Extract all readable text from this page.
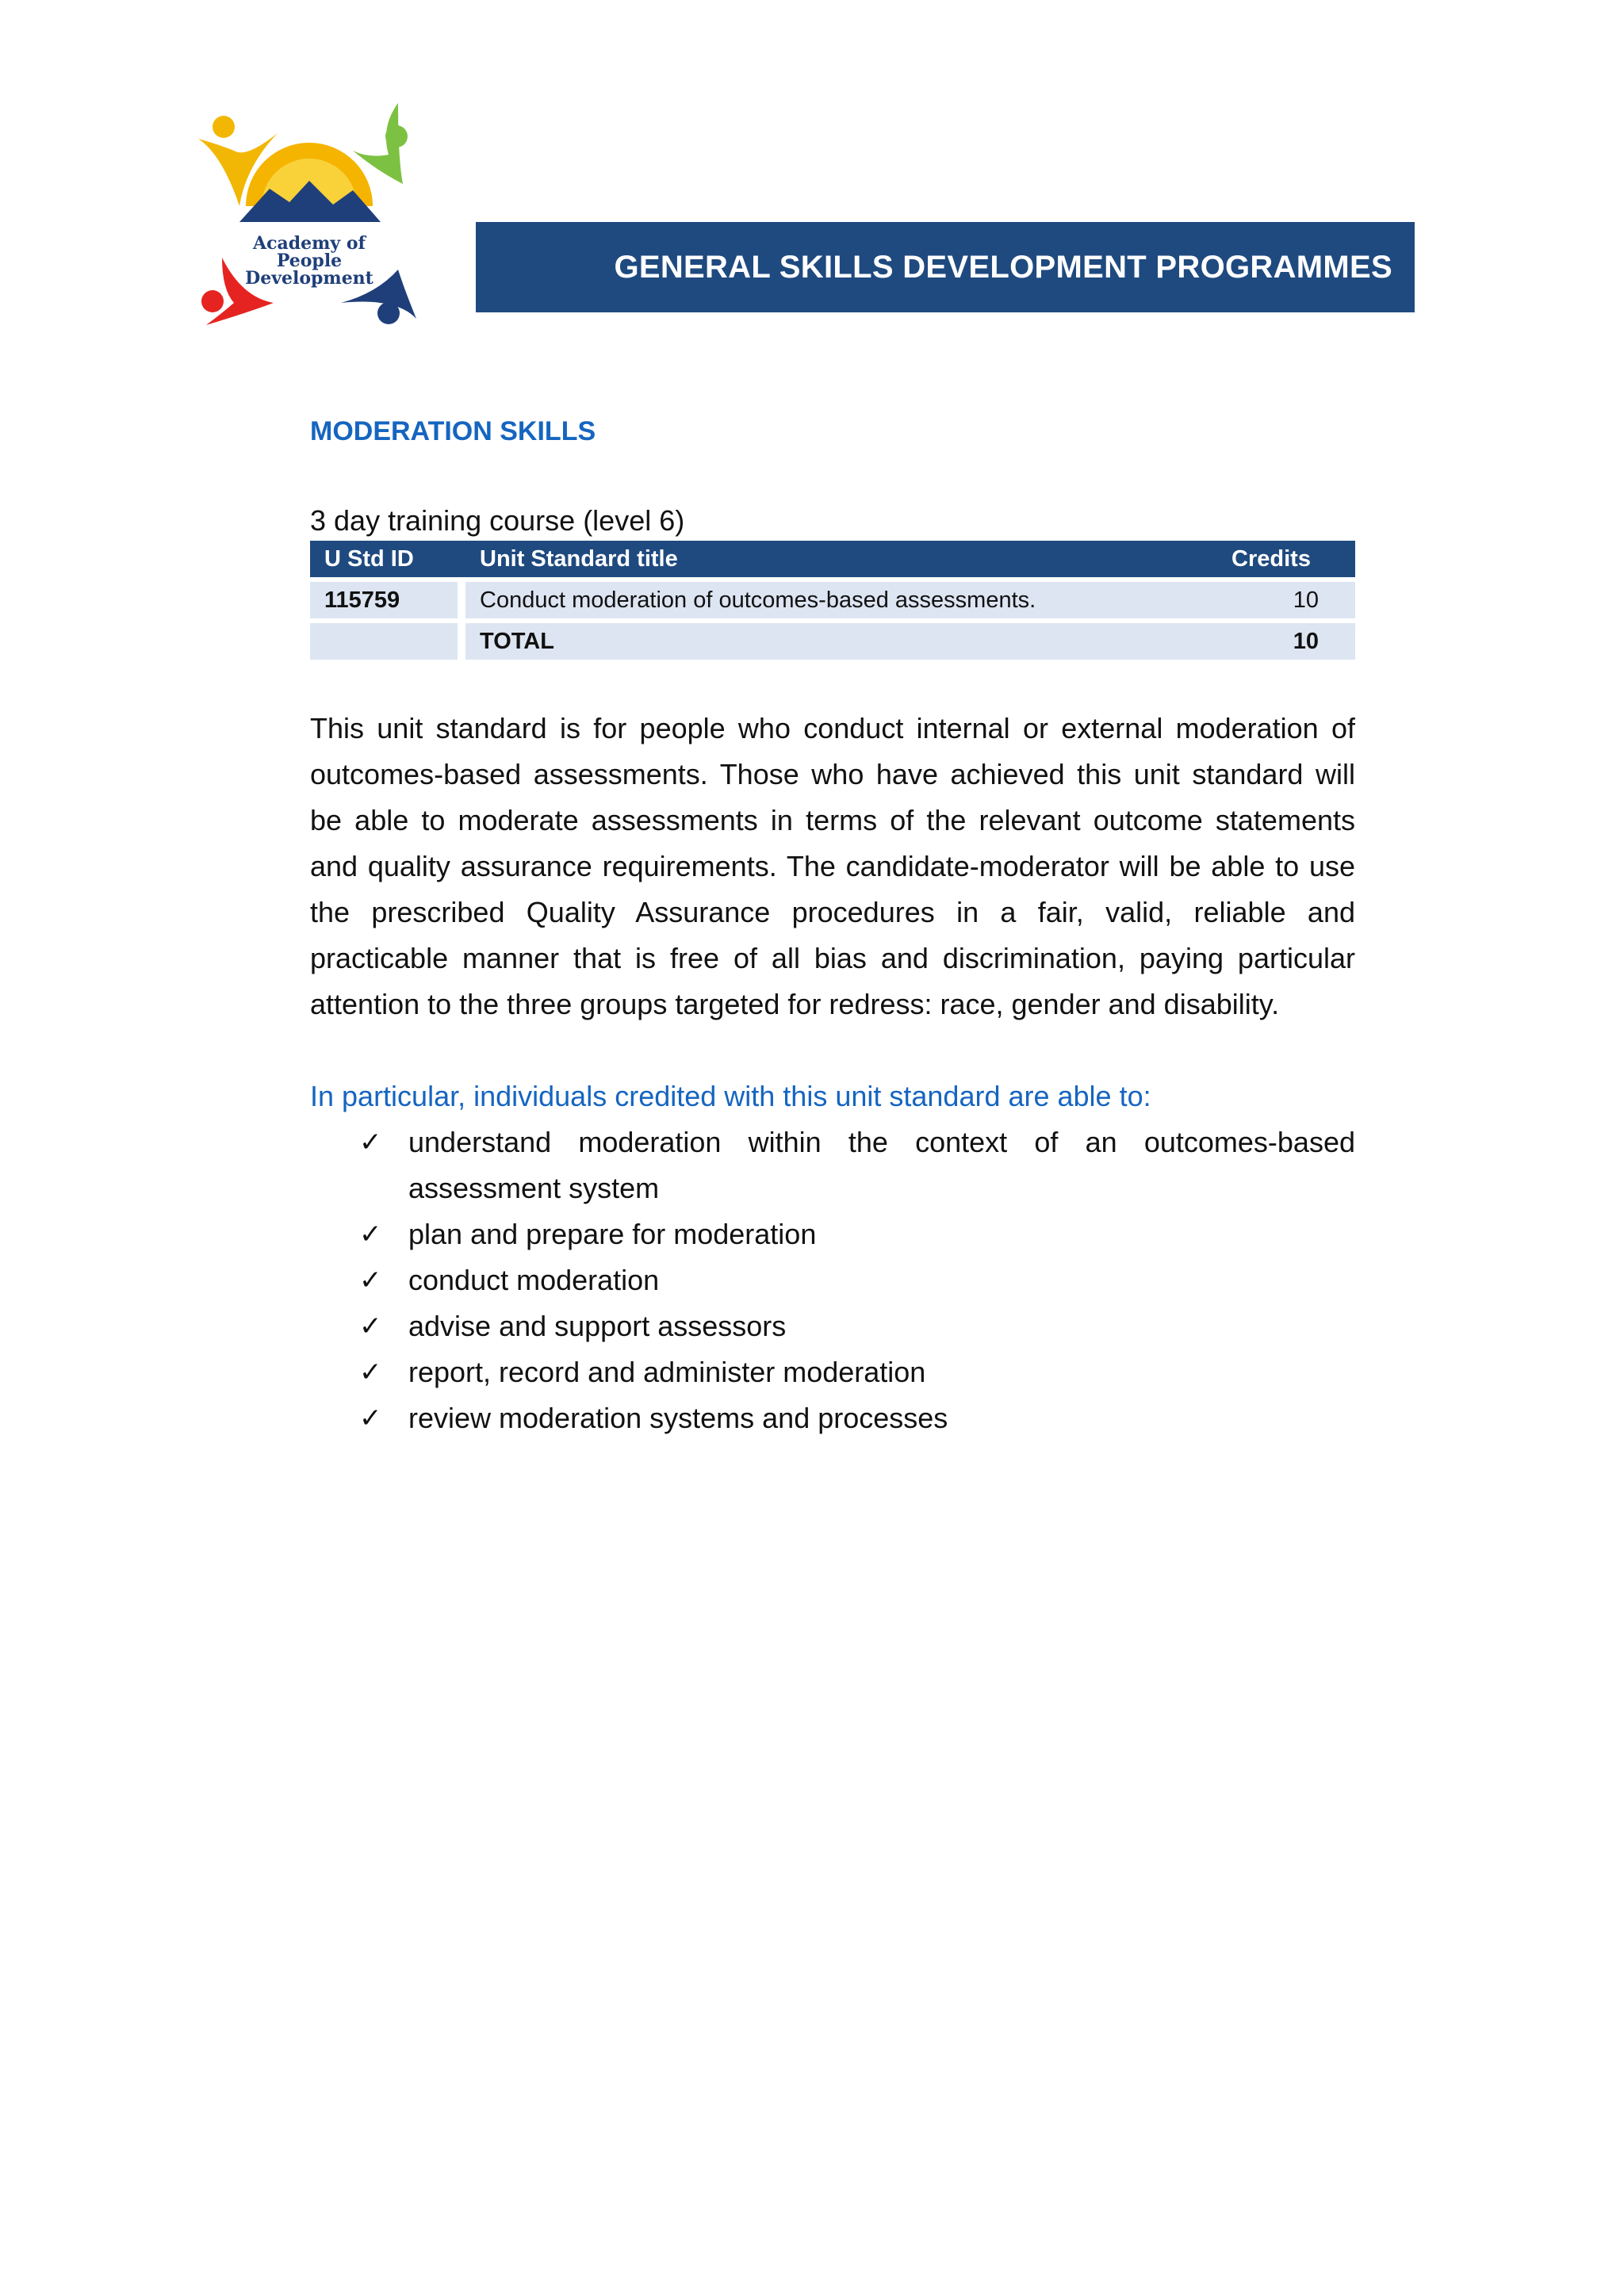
Academy of
People
Development	GENERAL SKILLS DEVELOPMENT PROGRAMMES
MODERATION SKILLS
3 day training course (level 6)
U Std ID	Unit Standard title	Credits
115759	Conduct moderation of outcomes-based assessments.	10
	TOTAL	10

This unit standard is for people who conduct internal or external moderation of outcomes-based assessments. Those who have achieved this unit standard will be able to moderate assessments in terms of the relevant outcome statements and quality assurance requirements. The candidate-moderator will be able to use the prescribed Quality Assurance procedures in a fair, valid, reliable and practicable manner that is free of all bias and discrimination, paying particular attention to the three groups targeted for redress: race, gender and disability.

In particular, individuals credited with this unit standard are able to:
✓ understand moderation within the context of an outcomes-based assessment system
✓ plan and prepare for moderation
✓ conduct moderation
✓ advise and support assessors
✓ report, record and administer moderation
✓ review moderation systems and processes
